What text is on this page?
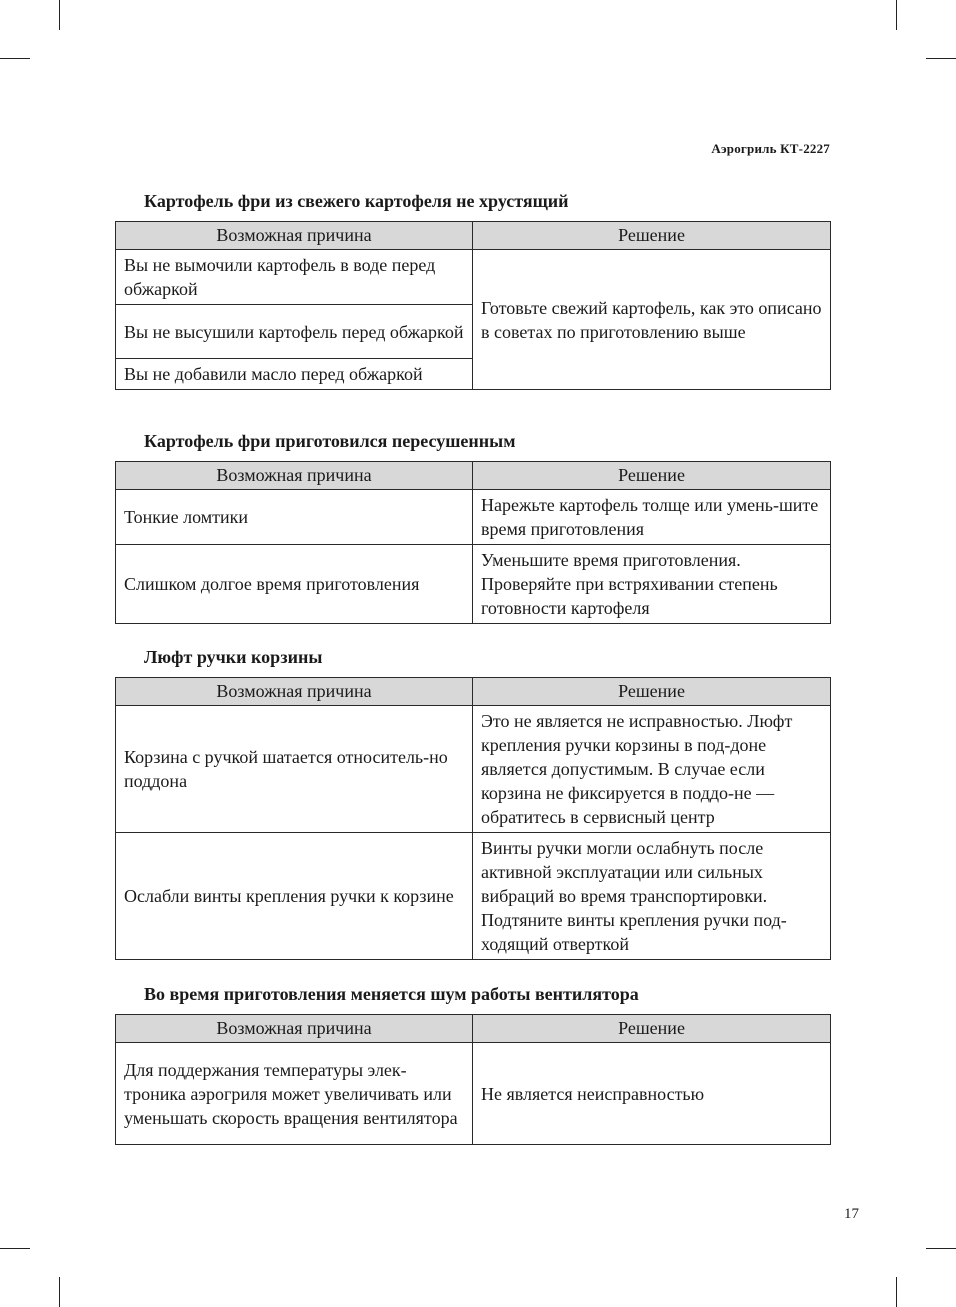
Аэрогриль КТ-2227
Картофель фри из свежего картофеля не хрустящий
Возможная причина	Решение
Вы не вымочили картофель в воде перед обжаркой	Готовьте свежий картофель, как это описано в советах по приготовлению выше
Вы не высушили картофель перед обжаркой	
Вы не добавили масло перед обжаркой	
Картофель фри приготовился пересушенным
Возможная причина	Решение
Тонкие ломтики	Нарежьте картофель толще или умень-шите время приготовления
Слишком долгое время приготовления	Уменьшите время приготовления. Проверяйте при встряхивании степень готовности картофеля
Люфт ручки корзины
Возможная причина	Решение
Корзина с ручкой шатается относитель-но поддона	Это не является не исправностью. Люфт крепления ручки корзины в под-доне является допустимым. В случае если корзина не фиксируется в поддо-не — обратитесь в сервисный центр
Ослабли винты крепления ручки к корзине	Винты ручки могли ослабнуть после активной эксплуатации или сильных вибраций во время транспортировки. Подтяните винты крепления ручки под-ходящий отверткой
Во время приготовления меняется шум работы вентилятора
Возможная причина	Решение
Для поддержания температуры элек-троника аэрогриля может увеличивать или уменьшать скорость вращения вентилятора	Не является неисправностью
17
